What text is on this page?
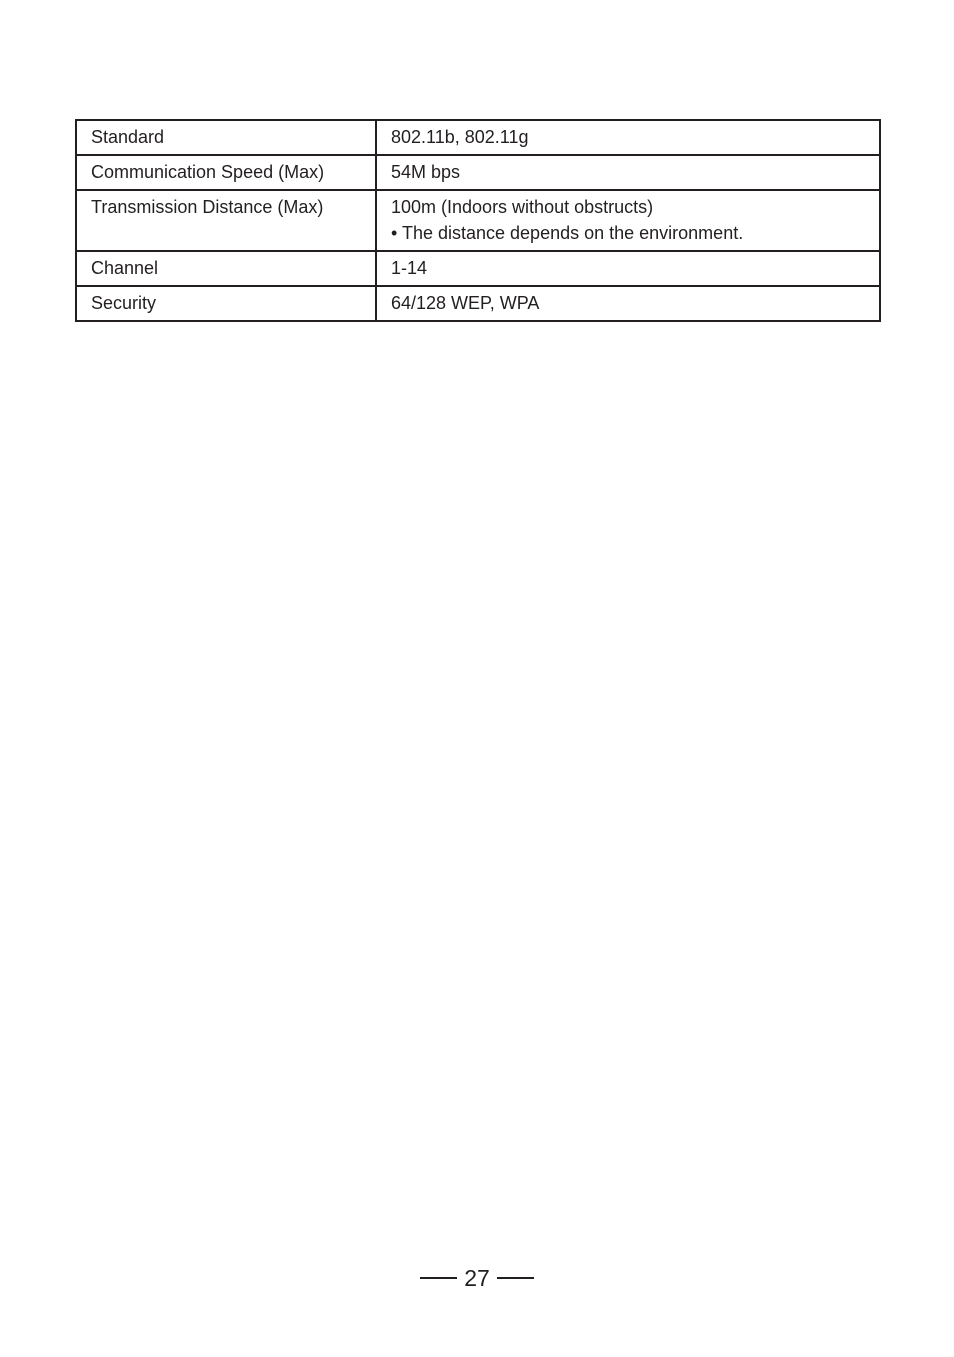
Standard	802.11b, 802.11g

Communication Speed (Max)	54M bps

Transmission Distance (Max)	100m (Indoors without obstructs)
• The distance depends on the environment.

Channel	1-14

Security	64/128 WEP, WPA
27
